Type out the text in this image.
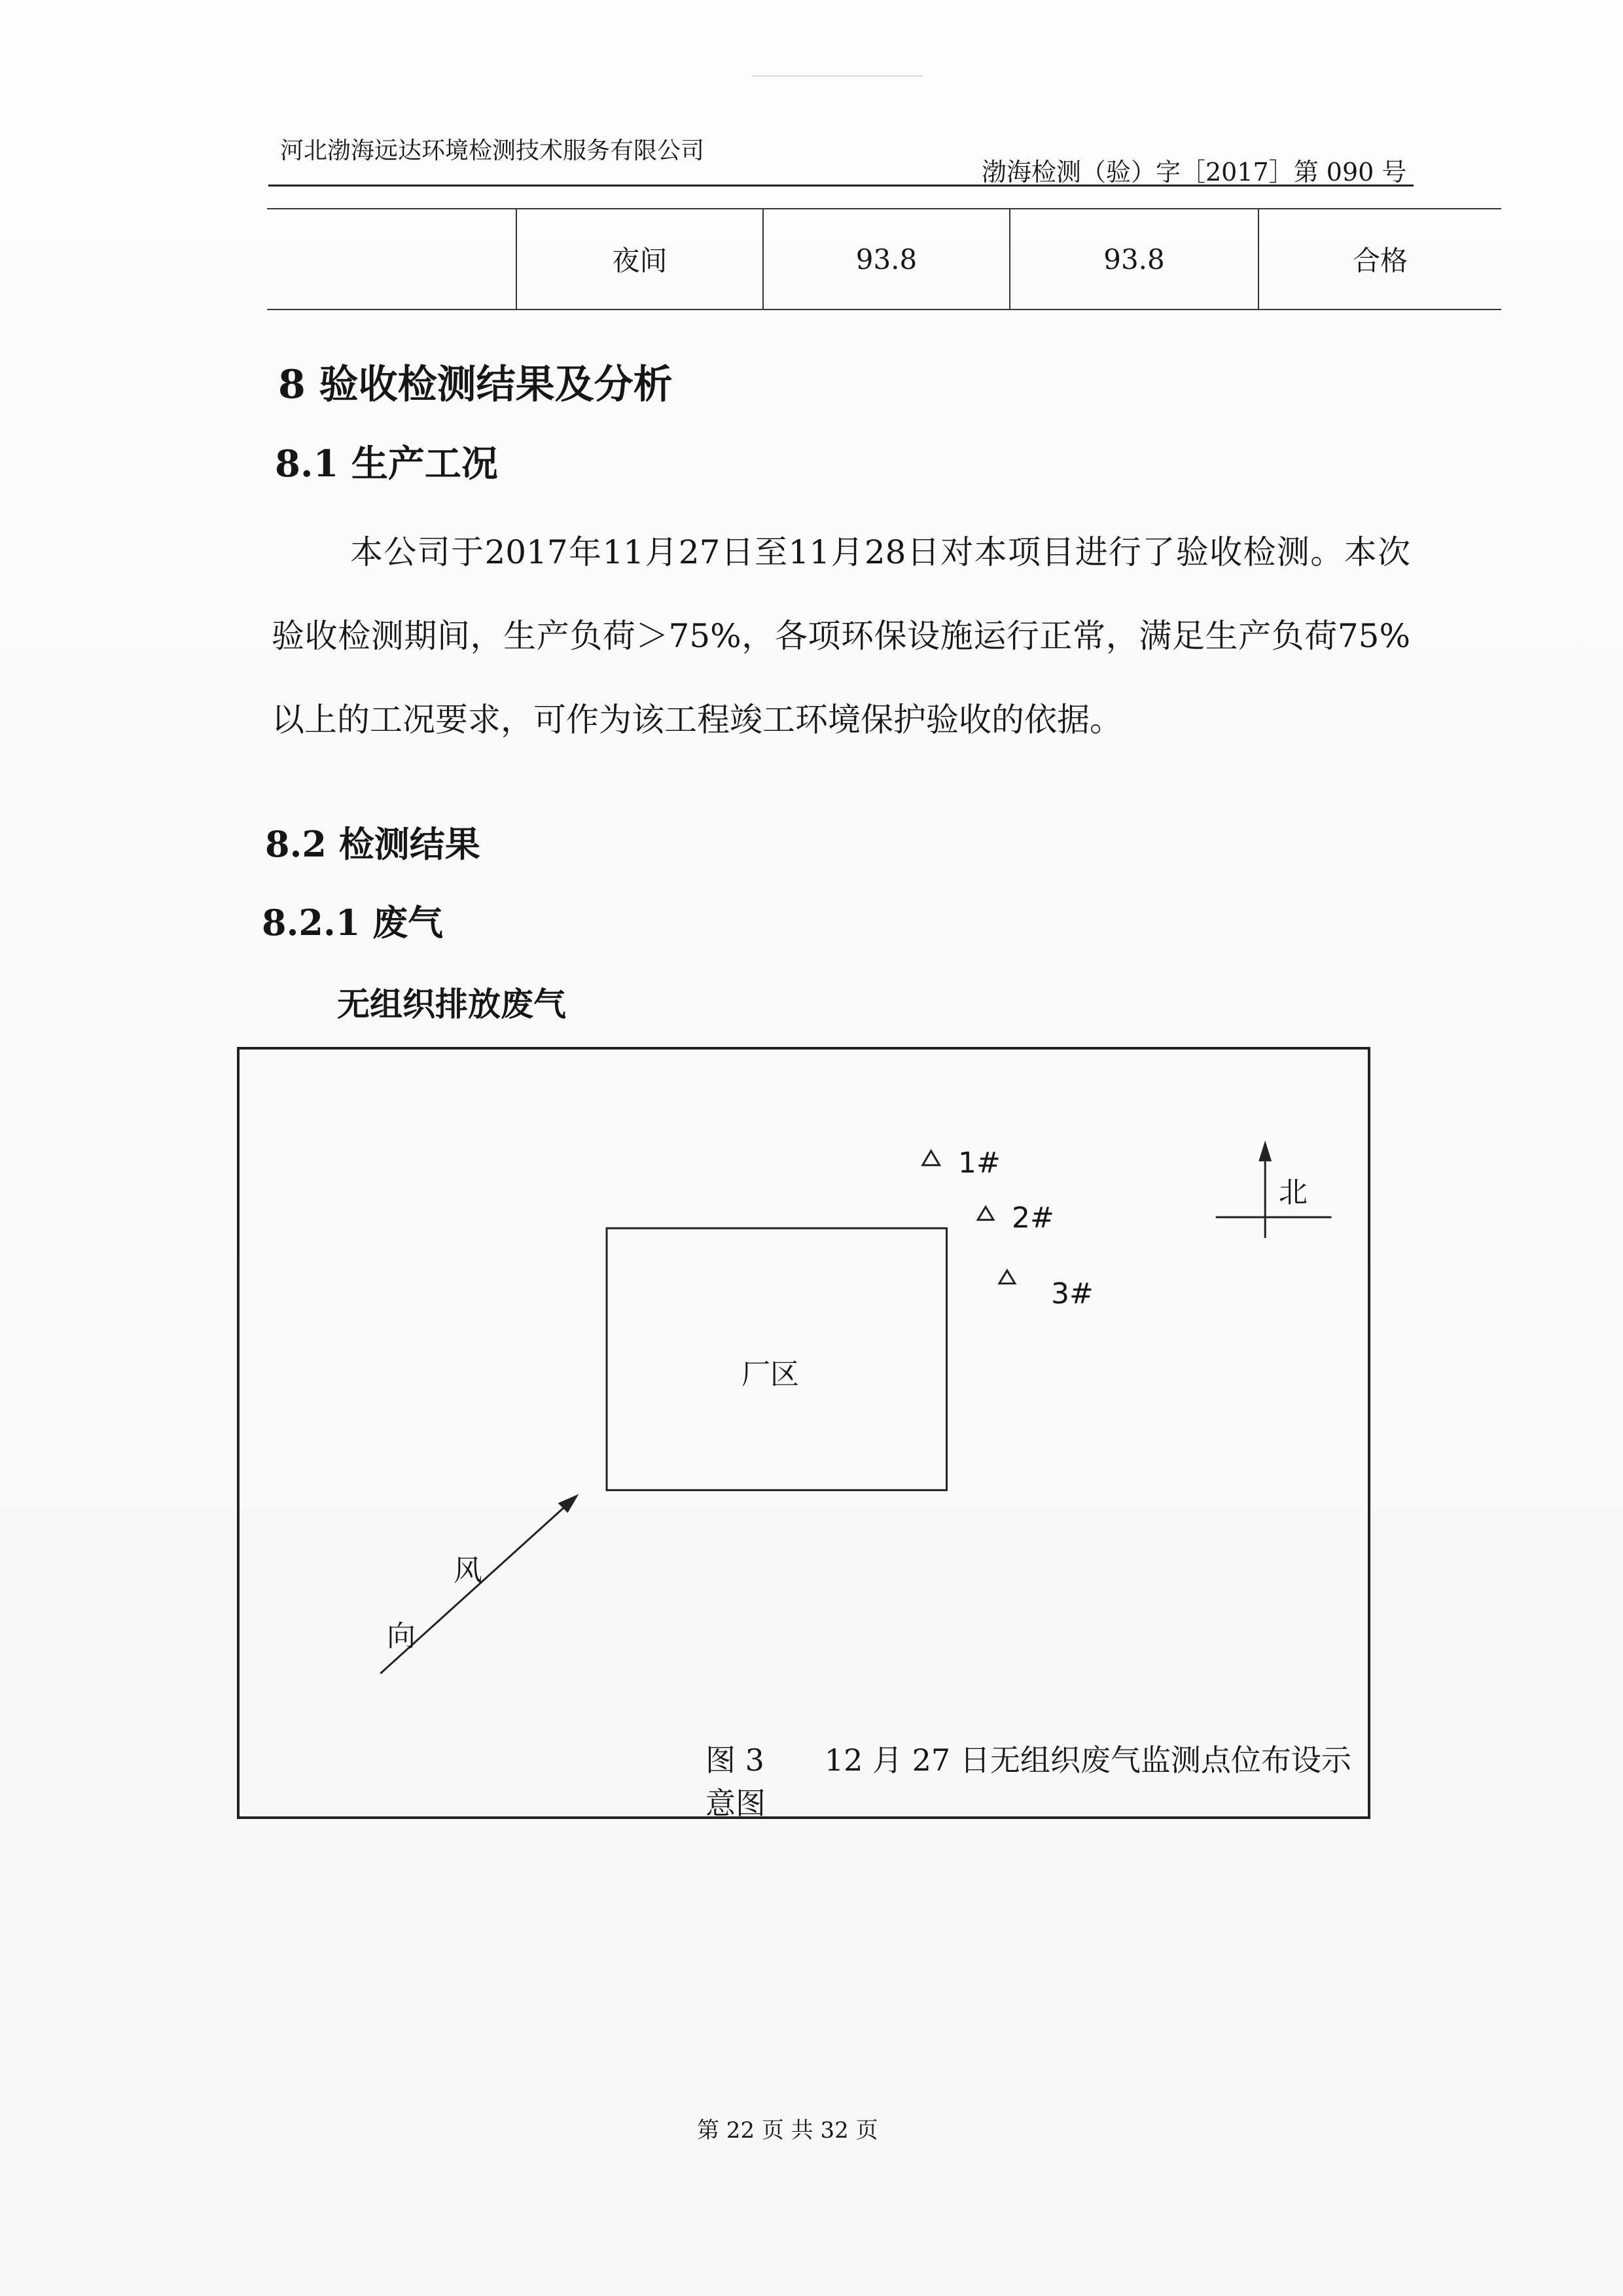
河北渤海远达环境检测技术服务有限公司
渤海检测（验）字［2017］第 090 号
	夜间	93.8	93.8	合格
8 验收检测结果及分析
8.1 生产工况
本公司于2017年11月27日至11月28日对本项目进行了验收检测。本次验收检测期间，生产负荷＞75%，各项环保设施运行正常，满足生产负荷75%以上的工况要求，可作为该工程竣工环境保护验收的依据。
8.2 检测结果
8.2.1 废气
无组织排放废气
厂区
1#
2#
3#
北
风
向
图 3　　12 月 27 日无组织废气监测点位布设示意图
第 22 页 共 32 页
